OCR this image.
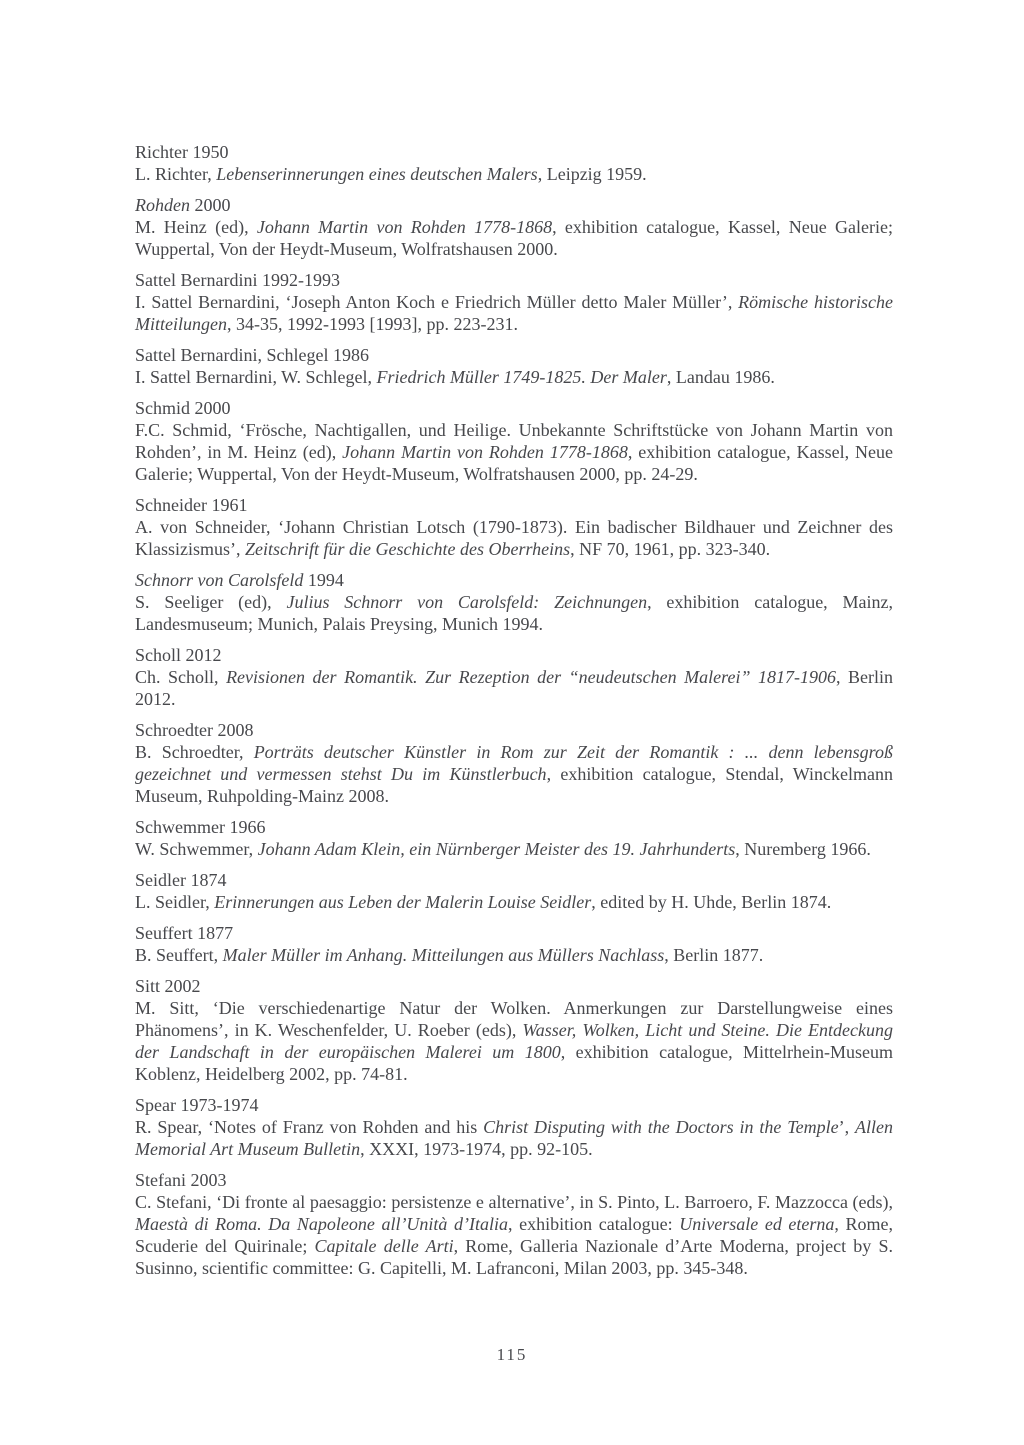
Richter 1950
L. Richter, Lebenserinnerungen eines deutschen Malers, Leipzig 1959.
Rohden 2000
M. Heinz (ed), Johann Martin von Rohden 1778-1868, exhibition catalogue, Kassel, Neue Galerie; Wuppertal, Von der Heydt-Museum, Wolfratshausen 2000.
Sattel Bernardini 1992-1993
I. Sattel Bernardini, ‘Joseph Anton Koch e Friedrich Müller detto Maler Müller’, Römische historische Mitteilungen, 34-35, 1992-1993 [1993], pp. 223-231.
Sattel Bernardini, Schlegel 1986
I. Sattel Bernardini, W. Schlegel, Friedrich Müller 1749-1825. Der Maler, Landau 1986.
Schmid 2000
F.C. Schmid, ‘Frösche, Nachtigallen, und Heilige. Unbekannte Schriftstücke von Johann Martin von Rohden’, in M. Heinz (ed), Johann Martin von Rohden 1778-1868, exhibition catalogue, Kassel, Neue Galerie; Wuppertal, Von der Heydt-Museum, Wolfratshausen 2000, pp. 24-29.
Schneider 1961
A. von Schneider, ‘Johann Christian Lotsch (1790-1873). Ein badischer Bildhauer und Zeichner des Klassizismus’, Zeitschrift für die Geschichte des Oberrheins, NF 70, 1961, pp. 323-340.
Schnorr von Carolsfeld 1994
S. Seeliger (ed), Julius Schnorr von Carolsfeld: Zeichnungen, exhibition catalogue, Mainz, Landesmuseum; Munich, Palais Preysing, Munich 1994.
Scholl 2012
Ch. Scholl, Revisionen der Romantik. Zur Rezeption der “neudeutschen Malerei” 1817-1906, Berlin 2012.
Schroedter 2008
B. Schroedter, Porträts deutscher Künstler in Rom zur Zeit der Romantik : ... denn lebensgroß gezeichnet und vermessen stehst Du im Künstlerbuch, exhibition catalogue, Stendal, Winckelmann Museum, Ruhpolding-Mainz 2008.
Schwemmer 1966
W. Schwemmer, Johann Adam Klein, ein Nürnberger Meister des 19. Jahrhunderts, Nuremberg 1966.
Seidler 1874
L. Seidler, Erinnerungen aus Leben der Malerin Louise Seidler, edited by H. Uhde, Berlin 1874.
Seuffert 1877
B. Seuffert, Maler Müller im Anhang. Mitteilungen aus Müllers Nachlass, Berlin 1877.
Sitt 2002
M. Sitt, ‘Die verschiedenartige Natur der Wolken. Anmerkungen zur Darstellungweise eines Phänomens’, in K. Weschenfelder, U. Roeber (eds), Wasser, Wolken, Licht und Steine. Die Entdeckung der Landschaft in der europäischen Malerei um 1800, exhibition catalogue, Mittelrhein-Museum Koblenz, Heidelberg 2002, pp. 74-81.
Spear 1973-1974
R. Spear, ‘Notes of Franz von Rohden and his Christ Disputing with the Doctors in the Temple’, Allen Memorial Art Museum Bulletin, XXXI, 1973-1974, pp. 92-105.
Stefani 2003
C. Stefani, ‘Di fronte al paesaggio: persistenze e alternative’, in S. Pinto, L. Barroero, F. Mazzocca (eds), Maestà di Roma. Da Napoleone all’Unità d’Italia, exhibition catalogue: Universale ed eterna, Rome, Scuderie del Quirinale; Capitale delle Arti, Rome, Galleria Nazionale d’Arte Moderna, project by S. Susinno, scientific committee: G. Capitelli, M. Lafranconi, Milan 2003, pp. 345-348.
115
